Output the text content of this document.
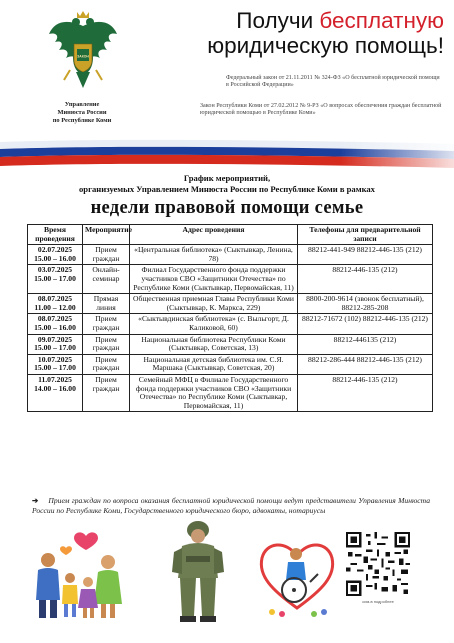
ЗАКОН
Управление
Минюста России
по Республике Коми
Получи бесплатную
юридическую помощь!
Федеральный закон от 21.11.2011 № 324-ФЗ «О бесплатной юридической помощи в Российской Федерации»
Закон Республики Коми от 27.02.2012 № 9-РЗ «О вопросах обеспечения граждан бесплатной юридической помощью в Республике Коми»
График мероприятий,
организуемых Управлением Минюста России по Республике Коми в рамках
недели правовой помощи семье
Время проведения	Мероприятие	Адрес проведения	Телефоны для предварительной записи

02.07.2025
15.00 – 16.00	Прием граждан	«Центральная библиотека» (Сыктывкар, Ленина, 78)	88212-441-949 88212-446-135 (212)

03.07.2025
15.00 – 17.00	Онлайн-семинар	Филиал Государственного фонда поддержки участников СВО «Защитники Отечества» по Республике Коми (Сыктывкар, Первомайская, 11)	88212-446-135 (212)

08.07.2025
11.00 – 12.00	Прямая линия	Общественная приемная Главы Республики Коми (Сыктывкар, К. Маркса, 229)	8800-200-9614 (звонок бесплатный), 88212-285-208

08.07.2025
15.00 – 16.00	Прием граждан	«Сыктывдинская библиотека» (с. Выльгорт, Д. Каликовой, 60)	88212-71672 (102) 88212-446-135 (212)

09.07.2025
15.00 – 17.00	Прием граждан	Национальная библиотека Республики Коми (Сыктывкар, Советская, 13)	88212-446135 (212)

10.07.2025
15.00 – 17.00	Прием граждан	Национальная детская библиотека им. С.Я. Маршака (Сыктывкар, Советская, 20)	88212-286-444 88212-446-135 (212)

11.07.2025
14.00 – 16.00	Прием граждан	Семейный МФЦ в Филиале Государственного фонда поддержки участников СВО «Защитники Отечества» по Республике Коми (Сыктывкар, Первомайская, 11)	88212-446-135 (212)
➔ Прием граждан по вопроса оказания бесплатной юридической помощи ведут представители Управления Минюста России по Республике Коми, Государственного юридического бюро, адвокаты, нотариусы
сим-в подробнее
